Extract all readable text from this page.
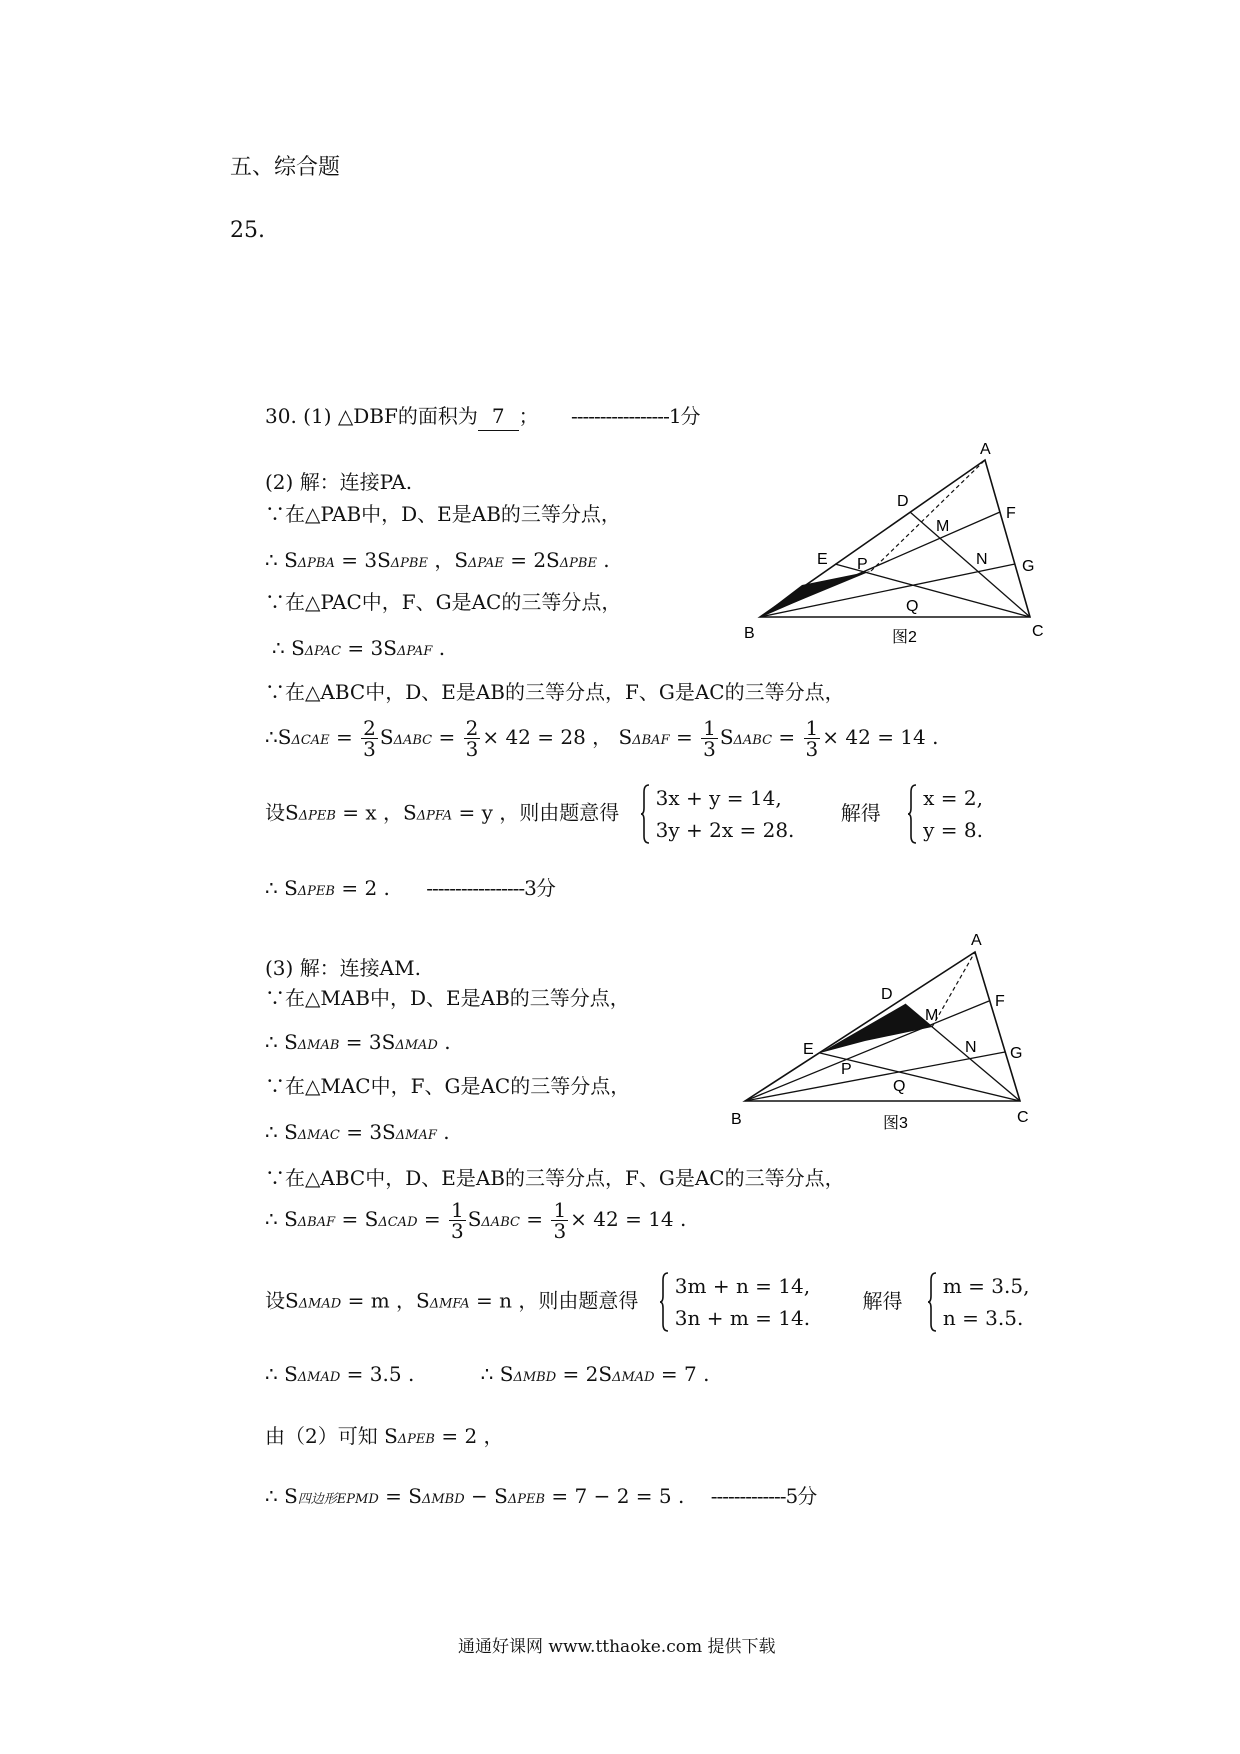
五、综合题
25.
30. (1) △DBF的面积为 7 ； -----------------1分
(2) 解：连接PA.
∵在△PAB中，D、E是AB的三等分点，
∴ SΔPBA = 3SΔPBE ，SΔPAE = 2SΔPBE .
∵在△PAC中，F、G是AC的三等分点，
∴ SΔPAC = 3SΔPAF .
∵在△ABC中，D、E是AB的三等分点，F、G是AC的三等分点，
∴SΔCAE = $\frac{2}{3}$ $S\Delta ABC = \frac{2}{3} \times 42 = 28$ ， $S\Delta BAF = \frac{1}{3}$ $S\Delta ABC = \frac{1}{3} \times 42 = 14$ .
设SΔPEB = x ，SΔPFA = y ，则由题意得
3x + y = 14,
3y + 2x = 28.
解得
x = 2,
y = 8.
∴ SΔPEB = 2 . -----------------3分
A
B	C
D
E
F
G
M
N
P
Q
图2
(3) 解：连接AM.
∵在△MAB中，D、E是AB的三等分点，
∴ SΔMAB = 3SΔMAD .
∵在△MAC中，F、G是AC的三等分点，
∴ SΔMAC = 3SΔMAF .
∵在△ABC中，D、E是AB的三等分点，F、G是AC的三等分点，
∴ $S\Delta BAF = S\Delta CAD = \frac{1}{3}$ $S\Delta ABC = \frac{1}{3} \times 42 = 14$ .
设SΔMAD = m ，SΔMFA = n ，则由题意得
3m + n = 14,
3n + m = 14.
解得
m = 3.5,
n = 3.5.
∴ SΔMAD = 3.5 .	∴ SΔMBD = 2SΔMAD = 7 .
由（2）可知 SΔPEB = 2 ，
∴ S四边形EPMD = SΔMBD − SΔPEB = 7 − 2 = 5 . -------------5分
A
B	C
D
E
F
G
M
N
P
Q
图3
通通好课网 www.tthaoke.com 提供下载
